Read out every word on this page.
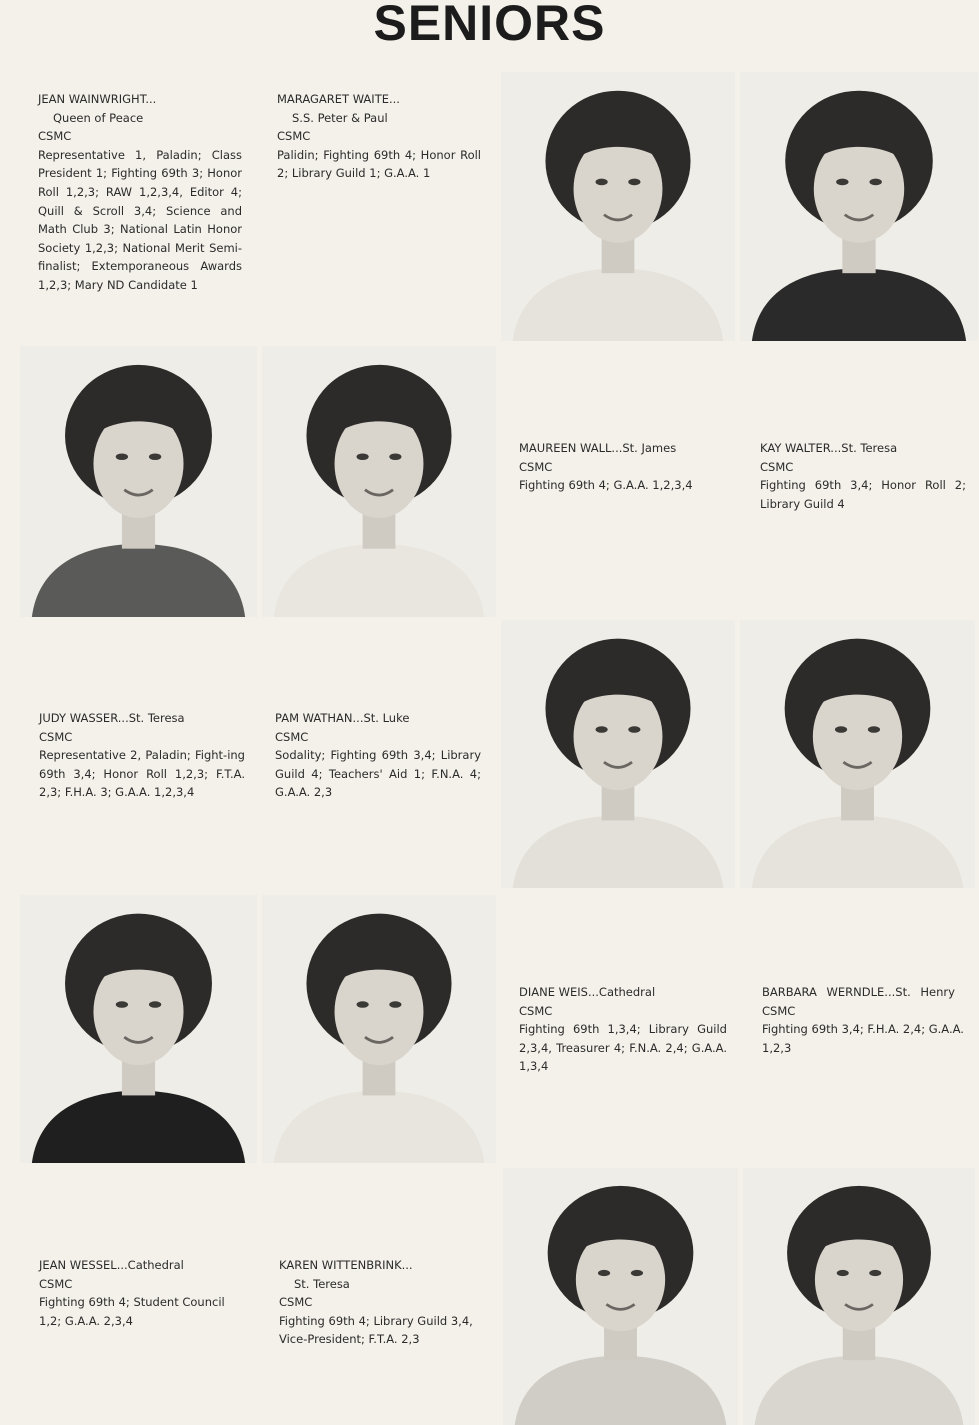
SENIORS
JEAN WAINWRIGHT...
Queen of Peace
CSMC
Representative 1, Paladin; Class President 1; Fighting 69th 3; Honor Roll 1,2,3; RAW 1,2,3,4, Editor 4; Quill & Scroll 3,4; Science and Math Club 3; National Latin Honor Society 1,2,3; National Merit Semi-finalist; Extemporaneous Awards 1,2,3; Mary ND Candidate 1
MARAGARET WAITE...
S.S. Peter & Paul
CSMC
Palidin; Fighting 69th 4; Honor Roll 2; Library Guild 1; G.A.A. 1
MAUREEN WALL...St. James
CSMC
Fighting 69th 4; G.A.A. 1,2,3,4
KAY WALTER...St. Teresa
CSMC
Fighting 69th 3,4; Honor Roll 2; Library Guild 4
JUDY WASSER...St. Teresa
CSMC
Representative 2, Paladin; Fight-ing 69th 3,4; Honor Roll 1,2,3; F.T.A. 2,3; F.H.A. 3; G.A.A. 1,2,3,4
PAM WATHAN...St. Luke
CSMC
Sodality; Fighting 69th 3,4; Library Guild 4; Teachers' Aid 1; F.N.A. 4; G.A.A. 2,3
DIANE WEIS...Cathedral
CSMC
Fighting 69th 1,3,4; Library Guild 2,3,4, Treasurer 4; F.N.A. 2,4; G.A.A. 1,3,4
BARBARA WERNDLE...St. Henry
CSMC
Fighting 69th 3,4; F.H.A. 2,4; G.A.A. 1,2,3
JEAN WESSEL...Cathedral
CSMC
Fighting 69th 4; Student Council 1,2; G.A.A. 2,3,4
KAREN WITTENBRINK...
St. Teresa
CSMC
Fighting 69th 4; Library Guild 3,4, Vice-President; F.T.A. 2,3
